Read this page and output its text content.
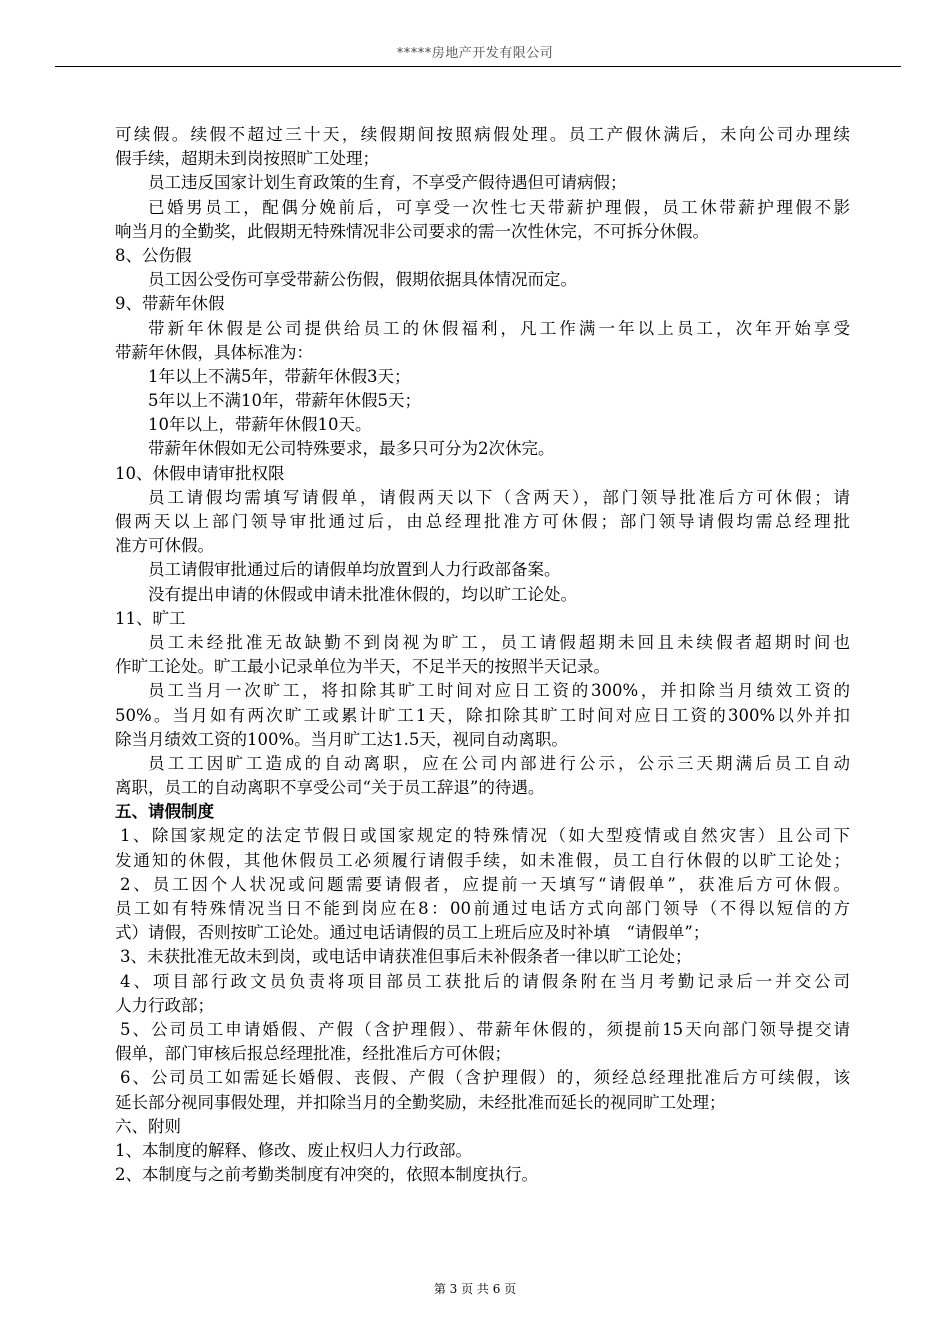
*****房地产开发有限公司
可续假。续假不超过三十天，续假期间按照病假处理。员工产假休满后，未向公司办理续
假手续，超期未到岗按照旷工处理；
员工违反国家计划生育政策的生育，不享受产假待遇但可请病假；
已婚男员工，配偶分娩前后，可享受一次性七天带薪护理假，员工休带薪护理假不影
响当月的全勤奖，此假期无特殊情况非公司要求的需一次性休完，不可拆分休假。
8、公伤假
员工因公受伤可享受带薪公伤假，假期依据具体情况而定。
9、带薪年休假
带新年休假是公司提供给员工的休假福利，凡工作满一年以上员工，次年开始享受
带薪年休假，具体标准为：
1年以上不满5年，带薪年休假3天；
5年以上不满10年，带薪年休假5天；
10年以上，带薪年休假10天。
带薪年休假如无公司特殊要求，最多只可分为2次休完。
10、休假申请审批权限
员工请假均需填写请假单，请假两天以下（含两天），部门领导批准后方可休假；请
假两天以上部门领导审批通过后，由总经理批准方可休假；部门领导请假均需总经理批
准方可休假。
员工请假审批通过后的请假单均放置到人力行政部备案。
没有提出申请的休假或申请未批准休假的，均以旷工论处。
11、旷工
员工未经批准无故缺勤不到岗视为旷工，员工请假超期未回且未续假者超期时间也
作旷工论处。旷工最小记录单位为半天，不足半天的按照半天记录。
员工当月一次旷工，将扣除其旷工时间对应日工资的300%，并扣除当月绩效工资的
50%。当月如有两次旷工或累计旷工1天，除扣除其旷工时间对应日工资的300%以外并扣
除当月绩效工资的100%。当月旷工达1.5天，视同自动离职。
员工工因旷工造成的自动离职，应在公司内部进行公示，公示三天期满后员工自动
离职，员工的自动离职不享受公司“关于员工辞退”的待遇。
五、请假制度
1、除国家规定的法定节假日或国家规定的特殊情况（如大型疫情或自然灾害）且公司下
发通知的休假，其他休假员工必须履行请假手续，如未准假，员工自行休假的以旷工论处；
2、员工因个人状况或问题需要请假者，应提前一天填写“请假单”，获准后方可休假。
员工如有特殊情况当日不能到岗应在8：00前通过电话方式向部门领导（不得以短信的方
式）请假，否则按旷工论处。通过电话请假的员工上班后应及时补填　“请假单”；
3、未获批准无故未到岗，或电话申请获准但事后未补假条者一律以旷工论处；
4、项目部行政文员负责将项目部员工获批后的请假条附在当月考勤记录后一并交公司
人力行政部；
5、公司员工申请婚假、产假（含护理假）、带薪年休假的，须提前15天向部门领导提交请
假单，部门审核后报总经理批准，经批准后方可休假；
6、公司员工如需延长婚假、丧假、产假（含护理假）的，须经总经理批准后方可续假，该
延长部分视同事假处理，并扣除当月的全勤奖励，未经批准而延长的视同旷工处理；
六、附则
1、本制度的解释、修改、废止权归人力行政部。
2、本制度与之前考勤类制度有冲突的，依照本制度执行。
第 3 页 共 6 页
